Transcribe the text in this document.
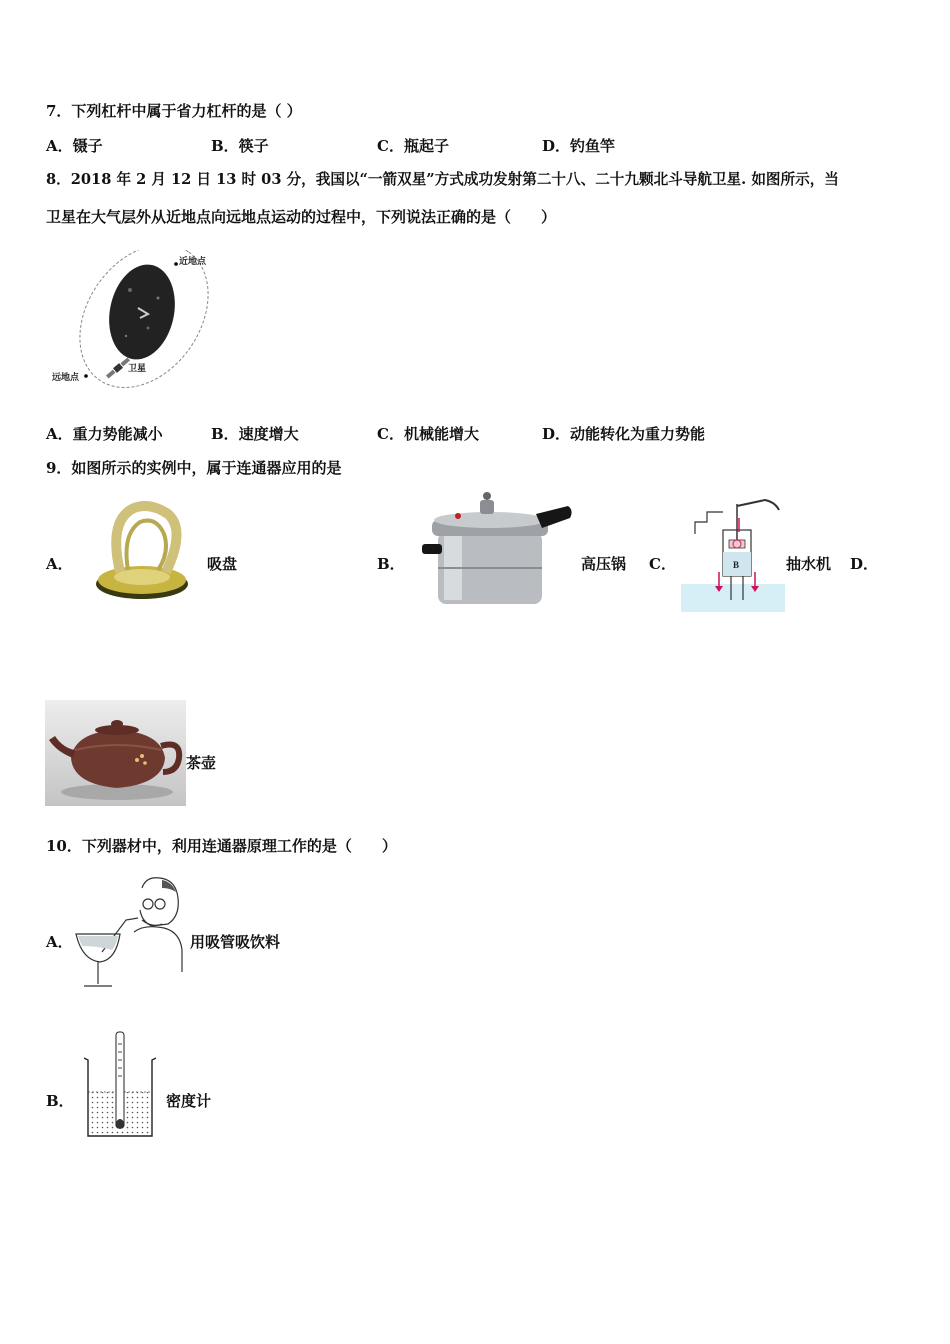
7．下列杠杆中属于省力杠杆的是（ ）
A．镊子	B．筷子	C．瓶起子	D．钓鱼竿
8．2018 年 2 月 12 日 13 时 03 分，我国以“一箭双星”方式成功发射第二十八、二十九颗北斗导航卫星. 如图所示，当
卫星在大气层外从近地点向远地点运动的过程中，下列说法正确的是（　　）
近地点
远地点
卫星
A．重力势能减小	B．速度增大	C．机械能增大	D．动能转化为重力势能
9．如图所示的实例中，属于连通器应用的是
A．	吸盘	B．	高压锅 C．	B	抽水机 D．
茶壶
10．下列器材中，利用连通器原理工作的是（　　）
A．	用吸管吸饮料
B．	密度计
